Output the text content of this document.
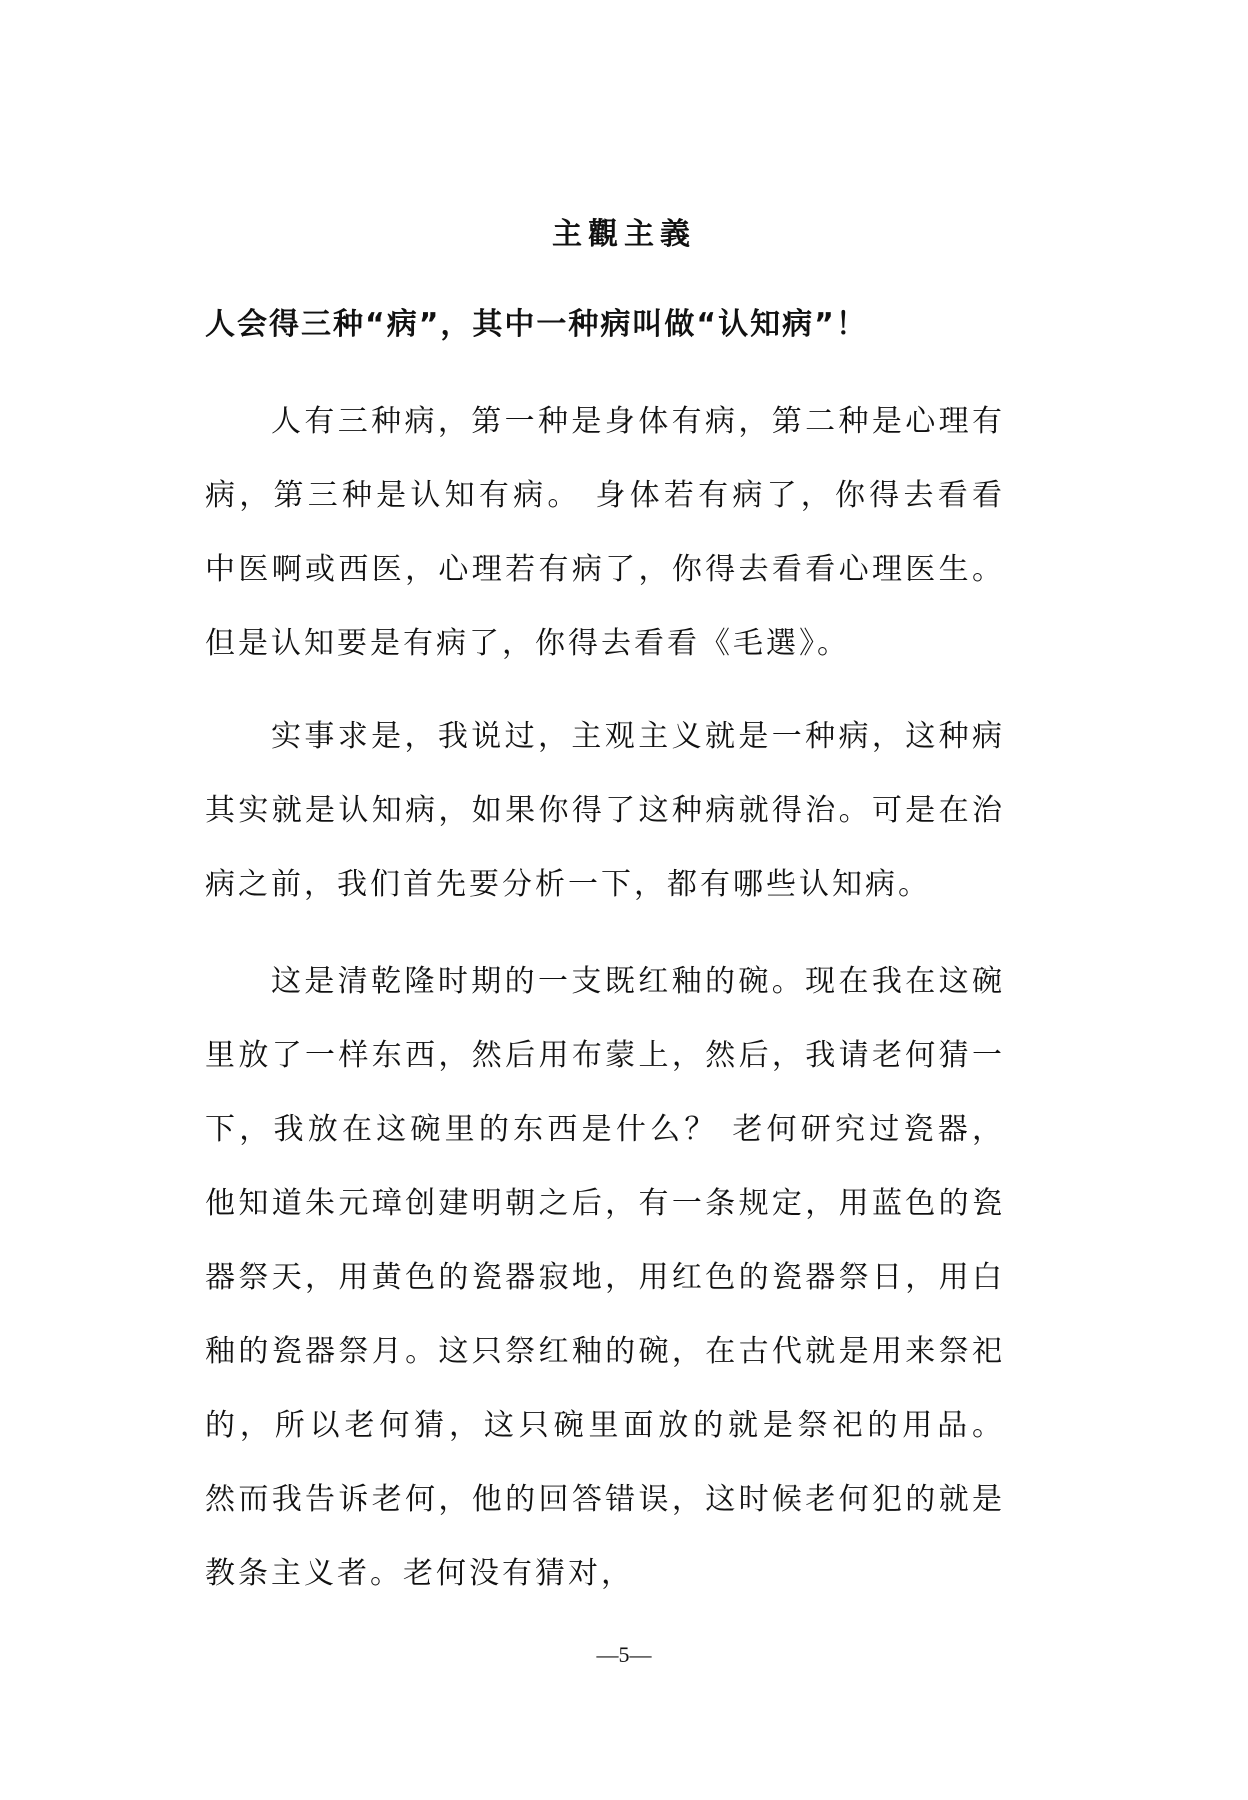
主觀主義
人会得三种“病”，其中一种病叫做“认知病”！

人有三种病，第一种是身体有病，第二种是心理有病，第三种是认知有病。 身体若有病了，你得去看看中医啊或西医，心理若有病了，你得去看看心理医生。但是认知要是有病了，你得去看看《毛選》。

实事求是，我说过，主观主义就是一种病，这种病其实就是认知病，如果你得了这种病就得治。可是在治病之前，我们首先要分析一下，都有哪些认知病。

这是清乾隆时期的一支既红釉的碗。现在我在这碗里放了一样东西，然后用布蒙上，然后，我请老何猜一下，我放在这碗里的东西是什么？ 老何研究过瓷器，他知道朱元璋创建明朝之后，有一条规定，用蓝色的瓷器祭天，用黄色的瓷器寂地，用红色的瓷器祭日，用白釉的瓷器祭月。这只祭红釉的碗，在古代就是用来祭祀的，所以老何猜，这只碗里面放的就是祭祀的用品。 然而我告诉老何，他的回答错误，这时候老何犯的就是教条主义者。老何没有猜对，

—5—
